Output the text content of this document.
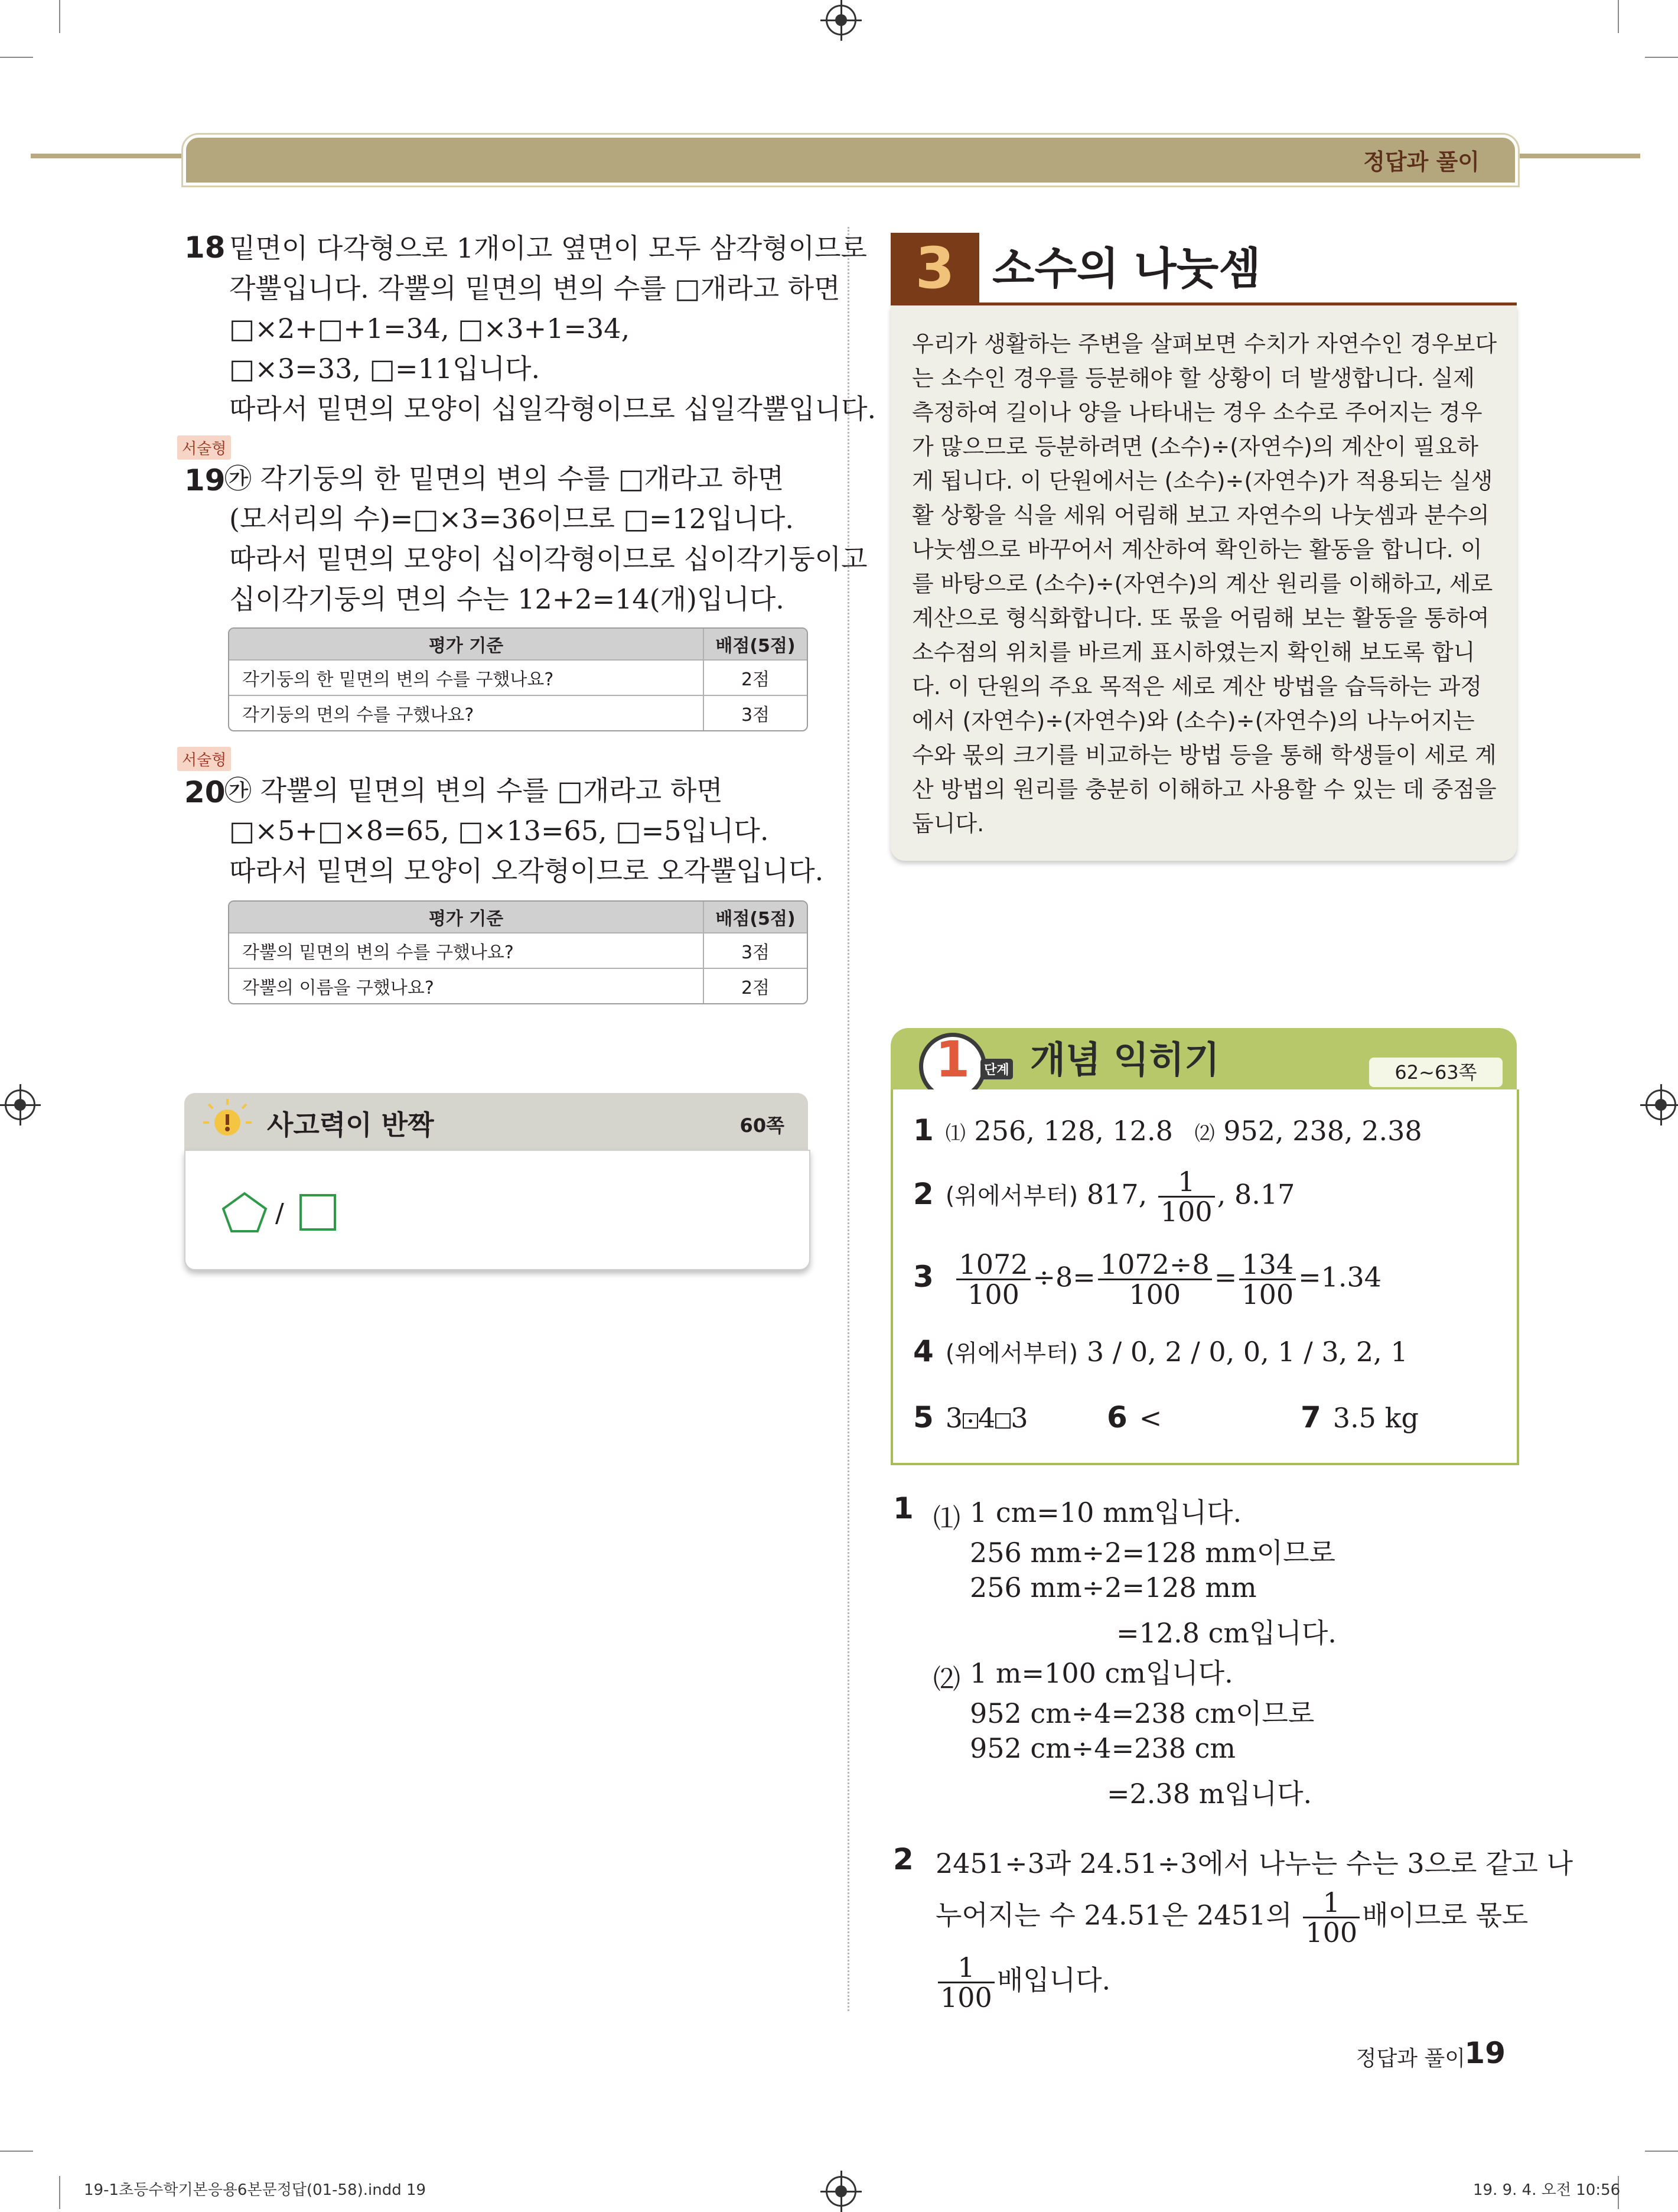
정답과 풀이
18 밑면이 다각형으로 1개이고 옆면이 모두 삼각형이므로
각뿔입니다. 각뿔의 밑면의 변의 수를 □개라고 하면
□×2+□+1=34, □×3+1=34,
□×3=33, □=11입니다.
따라서 밑면의 모양이 십일각형이므로 십일각뿔입니다.
서술형
19
㉮ 각기둥의 한 밑면의 변의 수를 □개라고 하면
(모서리의 수)=□×3=36이므로 □=12입니다.
따라서 밑면의 모양이 십이각형이므로 십이각기둥이고
십이각기둥의 면의 수는 12+2=14(개)입니다.
평가 기준	배점(5점)
각기둥의 한 밑면의 변의 수를 구했나요?	2점
각기둥의 면의 수를 구했나요?	3점
서술형
20
㉮ 각뿔의 밑면의 변의 수를 □개라고 하면
□×5+□×8=65, □×13=65, □=5입니다.
따라서 밑면의 모양이 오각형이므로 오각뿔입니다.
평가 기준	배점(5점)
각뿔의 밑면의 변의 수를 구했나요?	3점
각뿔의 이름을 구했나요?	2점
사고력이 반짝	60쪽
/
3 소수의 나눗셈
우리가 생활하는 주변을 살펴보면 수치가 자연수인 경우보다
는 소수인 경우를 등분해야 할 상황이 더 발생합니다. 실제
측정하여 길이나 양을 나타내는 경우 소수로 주어지는 경우
가 많으므로 등분하려면 (소수)÷(자연수)의 계산이 필요하
게 됩니다. 이 단원에서는 (소수)÷(자연수)가 적용되는 실생
활 상황을 식을 세워 어림해 보고 자연수의 나눗셈과 분수의
나눗셈으로 바꾸어서 계산하여 확인하는 활동을 합니다. 이
를 바탕으로 (소수)÷(자연수)의 계산 원리를 이해하고, 세로
계산으로 형식화합니다. 또 몫을 어림해 보는 활동을 통하여
소수점의 위치를 바르게 표시하였는지 확인해 보도록 합니
다. 이 단원의 주요 목적은 세로 계산 방법을 습득하는 과정
에서 (자연수)÷(자연수)와 (소수)÷(자연수)의 나누어지는
수와 몫의 크기를 비교하는 방법 등을 통해 학생들이 세로 계
산 방법의 원리를 충분히 이해하고 사용할 수 있는 데 중점을
둡니다.
1	단계 개념 익히기	62~63쪽
1 ⑴ 256, 128, 12.8 ⑵ 952, 238, 2.38
2 (위에서부터) 817, $\frac{1}{100}$ , 8.17
$3 \frac{1072}{100} \div 8= \frac{1072\div 8}{100} = \frac{134}{100} =1.34$
4 (위에서부터) 3 / 0, 2 / 0, 0, 1 / 3, 2, 1
5 3 4 3	6 <	7 3.5 kg
1 ⑴ 1 cm=10 mm입니다.
256 mm÷2=128 mm이므로
256 mm÷2=128 mm
=12.8 cm입니다.
⑵ 1 m=100 cm입니다.
952 cm÷4=238 cm이므로
952 cm÷4=238 cm
=2.38 m입니다.
2 2451÷3과 24.51÷3에서 나누는 수는 3으로 같고 나
누어지는 수 24.51은 2451의 $\frac{1}{100}$ 배이므로 몫도
$\frac{1}{100}$ 배입니다.
정답과 풀이
19
19-1초등수학기본응용6본문정답(01-58).indd 19	19. 9. 4. 오전 10:56
